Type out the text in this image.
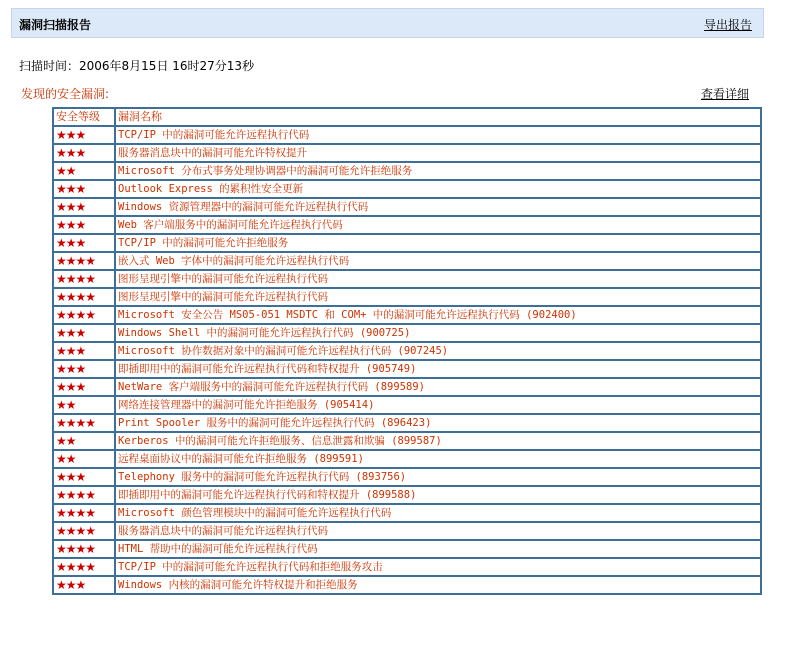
漏洞扫描报告	导出报告
扫描时间：2006年8月15日 16时27分13秒
发现的安全漏洞:	查看详细
安全等级	漏洞名称
★★★	TCP/IP 中的漏洞可能允许远程执行代码
★★★	服务器消息块中的漏洞可能允许特权提升
★★	Microsoft 分布式事务处理协调器中的漏洞可能允许拒绝服务
★★★	Outlook Express 的累积性安全更新
★★★	Windows 资源管理器中的漏洞可能允许远程执行代码
★★★	Web 客户端服务中的漏洞可能允许远程执行代码
★★★	TCP/IP 中的漏洞可能允许拒绝服务
★★★★	嵌入式 Web 字体中的漏洞可能允许远程执行代码
★★★★	图形呈现引擎中的漏洞可能允许远程执行代码
★★★★	图形呈现引擎中的漏洞可能允许远程执行代码
★★★★	Microsoft 安全公告 MS05-051 MSDTC 和 COM+ 中的漏洞可能允许远程执行代码 (902400)
★★★	Windows Shell 中的漏洞可能允许远程执行代码 (900725)
★★★	Microsoft 协作数据对象中的漏洞可能允许远程执行代码 (907245)
★★★	即插即用中的漏洞可能允许远程执行代码和特权提升 (905749)
★★★	NetWare 客户端服务中的漏洞可能允许远程执行代码 (899589)
★★	网络连接管理器中的漏洞可能允许拒绝服务 (905414)
★★★★	Print Spooler 服务中的漏洞可能允许远程执行代码 (896423)
★★	Kerberos 中的漏洞可能允许拒绝服务、信息泄露和欺骗 (899587)
★★	远程桌面协议中的漏洞可能允许拒绝服务 (899591)
★★★	Telephony 服务中的漏洞可能允许远程执行代码 (893756)
★★★★	即插即用中的漏洞可能允许远程执行代码和特权提升 (899588)
★★★★	Microsoft 颜色管理模块中的漏洞可能允许远程执行代码
★★★★	服务器消息块中的漏洞可能允许远程执行代码
★★★★	HTML 帮助中的漏洞可能允许远程执行代码
★★★★	TCP/IP 中的漏洞可能允许远程执行代码和拒绝服务攻击
★★★	Windows 内核的漏洞可能允许特权提升和拒绝服务
